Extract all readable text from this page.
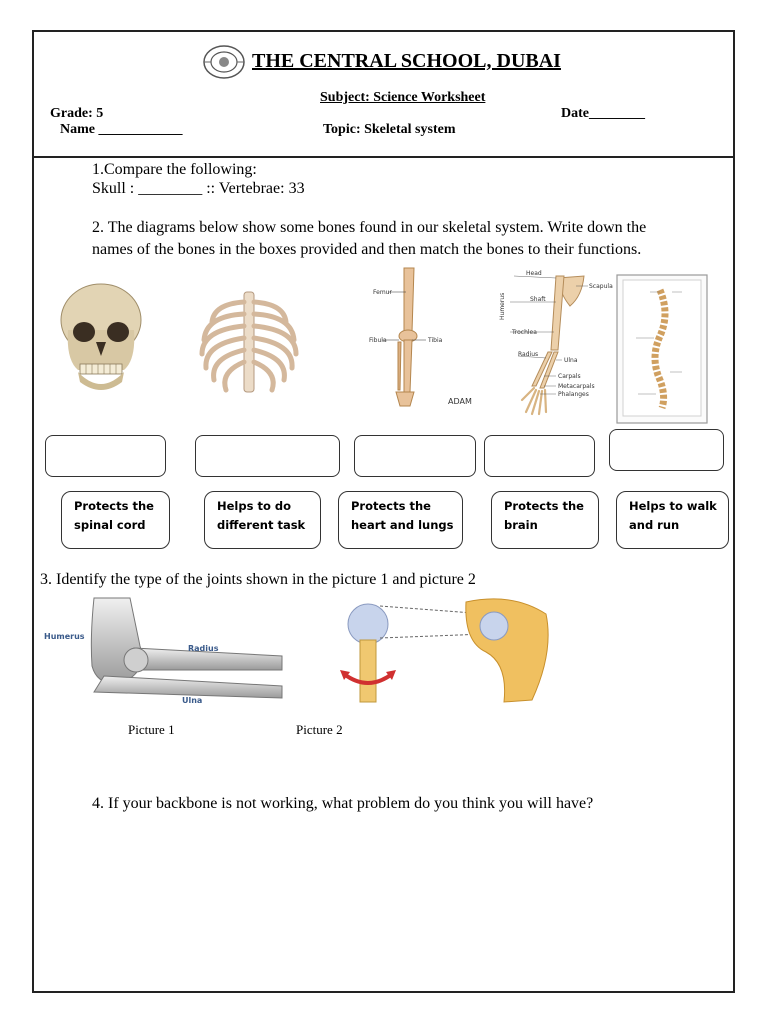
THE CENTRAL SCHOOL, DUBAI
Subject: Science Worksheet
Grade: 5	Date________
Name ____________	Topic: Skeletal system
1.Compare the following:
Skull : ________ :: Vertebrae: 33
2. The diagrams below show some bones found in our skeletal system. Write down the
names of the bones in the boxes provided and then match the bones to their functions.
Femur
Fibula	Tibia
ADAM
Head
Scapula
Shaft
Humerus
Trochlea
Radius
Ulna
Carpals
Metacarpals
Phalanges
Protects the
spinal cord
Helps to do
different task
Protects the
heart and lungs
Protects the
brain
Helps to walk
and run
3. Identify the type of the joints shown in the picture 1 and picture 2
Humerus
Radius
Ulna
Picture 1	Picture 2
4. If your backbone is not working, what problem do you think you will have?
